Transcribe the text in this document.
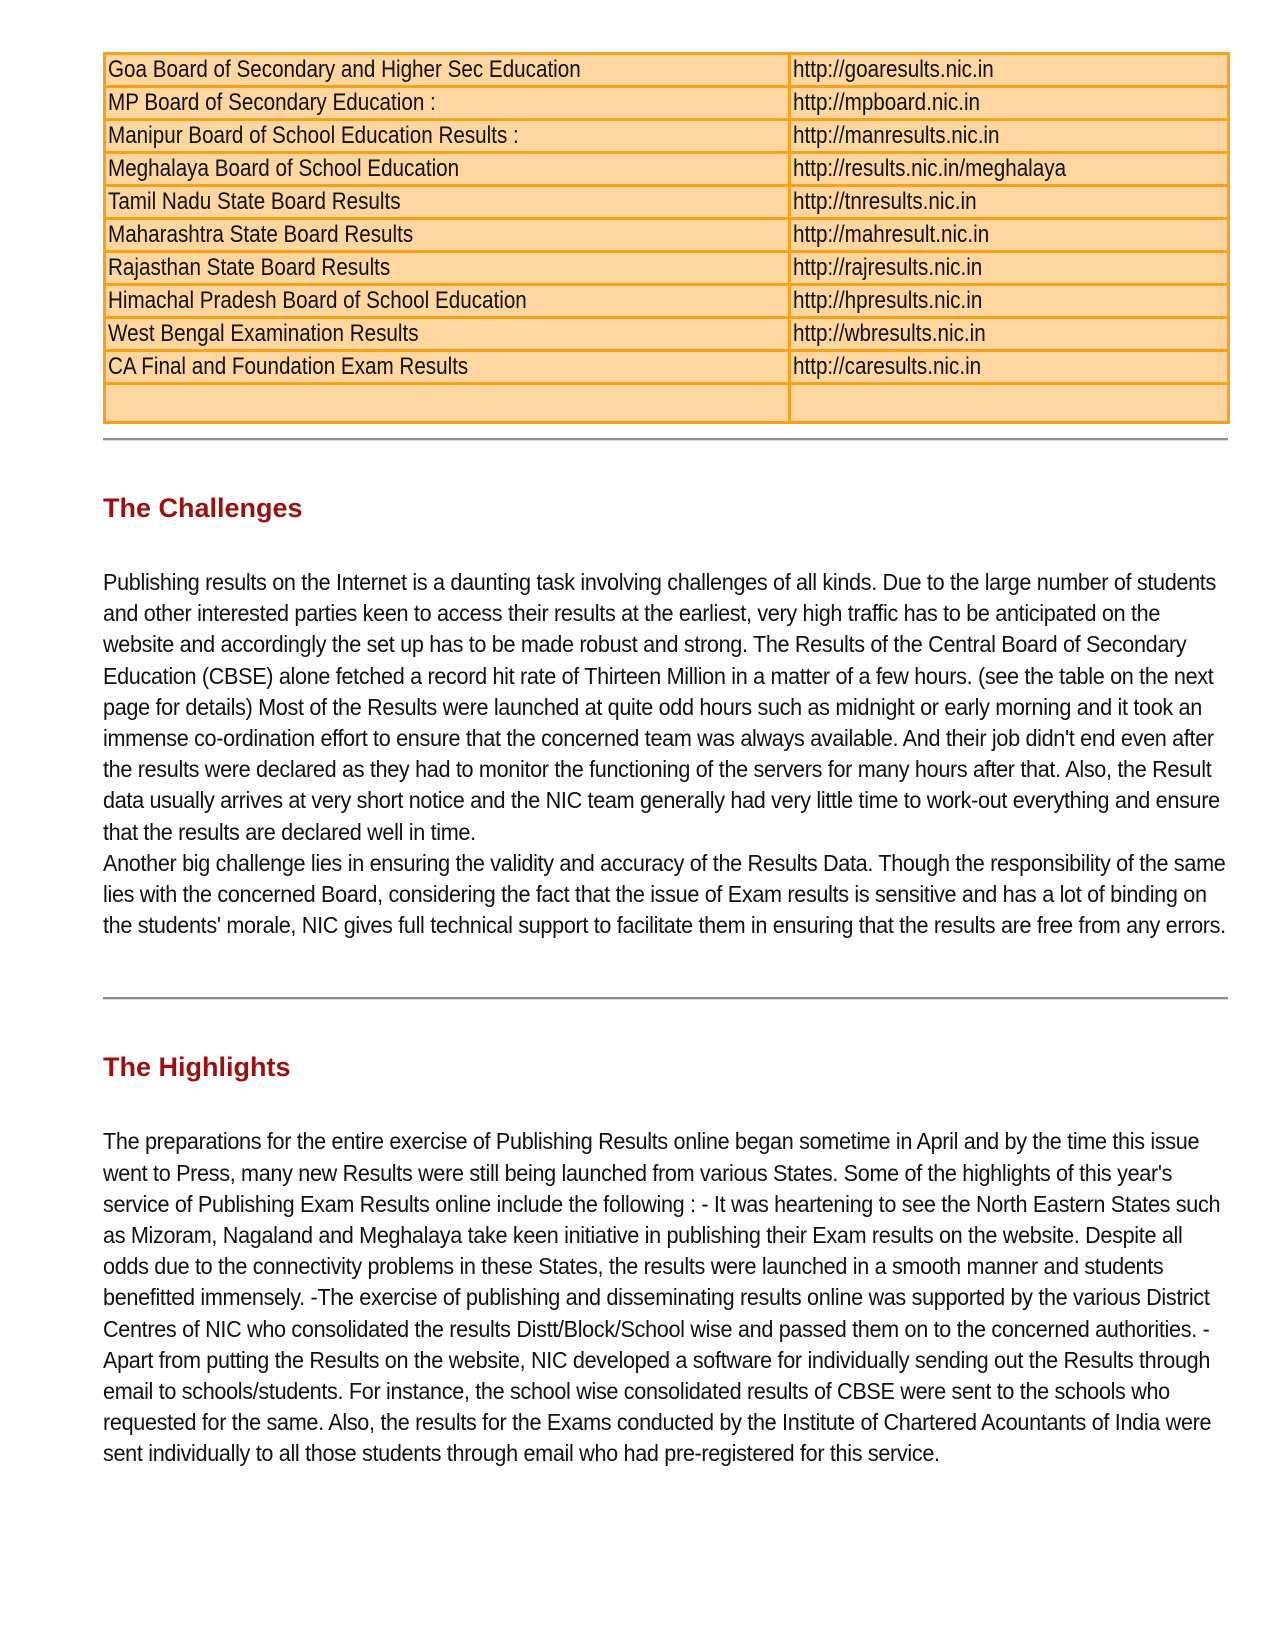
Goa Board of Secondary and Higher Sec Education	http://goaresults.nic.in
MP Board of Secondary Education :	http://mpboard.nic.in
Manipur Board of School Education Results :	http://manresults.nic.in
Meghalaya Board of School Education	http://results.nic.in/meghalaya
Tamil Nadu State Board Results	http://tnresults.nic.in
Maharashtra State Board Results	http://mahresult.nic.in
Rajasthan State Board Results	http://rajresults.nic.in
Himachal Pradesh Board of School Education	http://hpresults.nic.in
West Bengal Examination Results	http://wbresults.nic.in
CA Final and Foundation Exam Results	http://caresults.nic.in

The Challenges

Publishing results on the Internet is a daunting task involving challenges of all kinds. Due to the large number of students and other interested parties keen to access their results at the earliest, very high traffic has to be anticipated on the website and accordingly the set up has to be made robust and strong. The Results of the Central Board of Secondary Education (CBSE) alone fetched a record hit rate of Thirteen Million in a matter of a few hours. (see the table on the next page for details) Most of the Results were launched at quite odd hours such as midnight or early morning and it took an immense co-ordination effort to ensure that the concerned team was always available. And their job didn't end even after the results were declared as they had to monitor the functioning of the servers for many hours after that. Also, the Result data usually arrives at very short notice and the NIC team generally had very little time to work-out everything and ensure that the results are declared well in time.

Another big challenge lies in ensuring the validity and accuracy of the Results Data. Though the responsibility of the same lies with the concerned Board, considering the fact that the issue of Exam results is sensitive and has a lot of binding on the students' morale, NIC gives full technical support to facilitate them in ensuring that the results are free from any errors.

The Highlights

The preparations for the entire exercise of Publishing Results online began sometime in April and by the time this issue went to Press, many new Results were still being launched from various States. Some of the highlights of this year's service of Publishing Exam Results online include the following : - It was heartening to see the North Eastern States such as Mizoram, Nagaland and Meghalaya take keen initiative in publishing their Exam results on the website. Despite all odds due to the connectivity problems in these States, the results were launched in a smooth manner and students benefitted immensely. -The exercise of publishing and disseminating results online was supported by the various District Centres of NIC who consolidated the results Distt/Block/School wise and passed them on to the concerned authorities. - Apart from putting the Results on the website, NIC developed a software for individually sending out the Results through email to schools/students. For instance, the school wise consolidated results of CBSE were sent to the schools who requested for the same. Also, the results for the Exams conducted by the Institute of Chartered Acountants of India were sent individually to all those students through email who had pre-registered for this service.
